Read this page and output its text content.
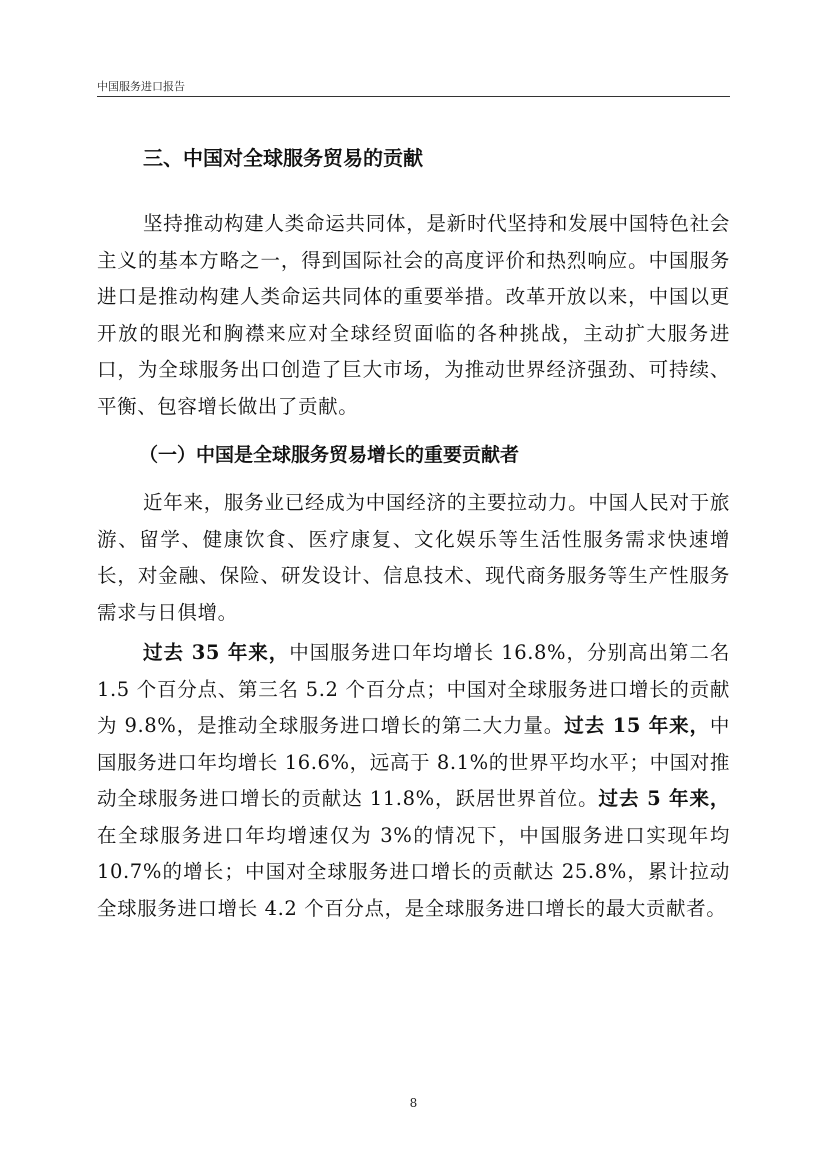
中国服务进口报告
三、中国对全球服务贸易的贡献

坚持推动构建人类命运共同体，是新时代坚持和发展中国特色社会主义的基本方略之一，得到国际社会的高度评价和热烈响应。中国服务进口是推动构建人类命运共同体的重要举措。改革开放以来，中国以更开放的眼光和胸襟来应对全球经贸面临的各种挑战，主动扩大服务进口，为全球服务出口创造了巨大市场，为推动世界经济强劲、可持续、平衡、包容增长做出了贡献。

（一）中国是全球服务贸易增长的重要贡献者

近年来，服务业已经成为中国经济的主要拉动力。中国人民对于旅游、留学、健康饮食、医疗康复、文化娱乐等生活性服务需求快速增长，对金融、保险、研发设计、信息技术、现代商务服务等生产性服务需求与日俱增。

过去 35 年来，中国服务进口年均增长 16.8%，分别高出第二名 1.5 个百分点、第三名 5.2 个百分点；中国对全球服务进口增长的贡献为 9.8%，是推动全球服务进口增长的第二大力量。过去 15 年来，中国服务进口年均增长 16.6%，远高于 8.1%的世界平均水平；中国对推动全球服务进口增长的贡献达 11.8%，跃居世界首位。过去 5 年来，在全球服务进口年均增速仅为 3%的情况下，中国服务进口实现年均 10.7%的增长；中国对全球服务进口增长的贡献达 25.8%，累计拉动全球服务进口增长 4.2 个百分点，是全球服务进口增长的最大贡献者。

8
